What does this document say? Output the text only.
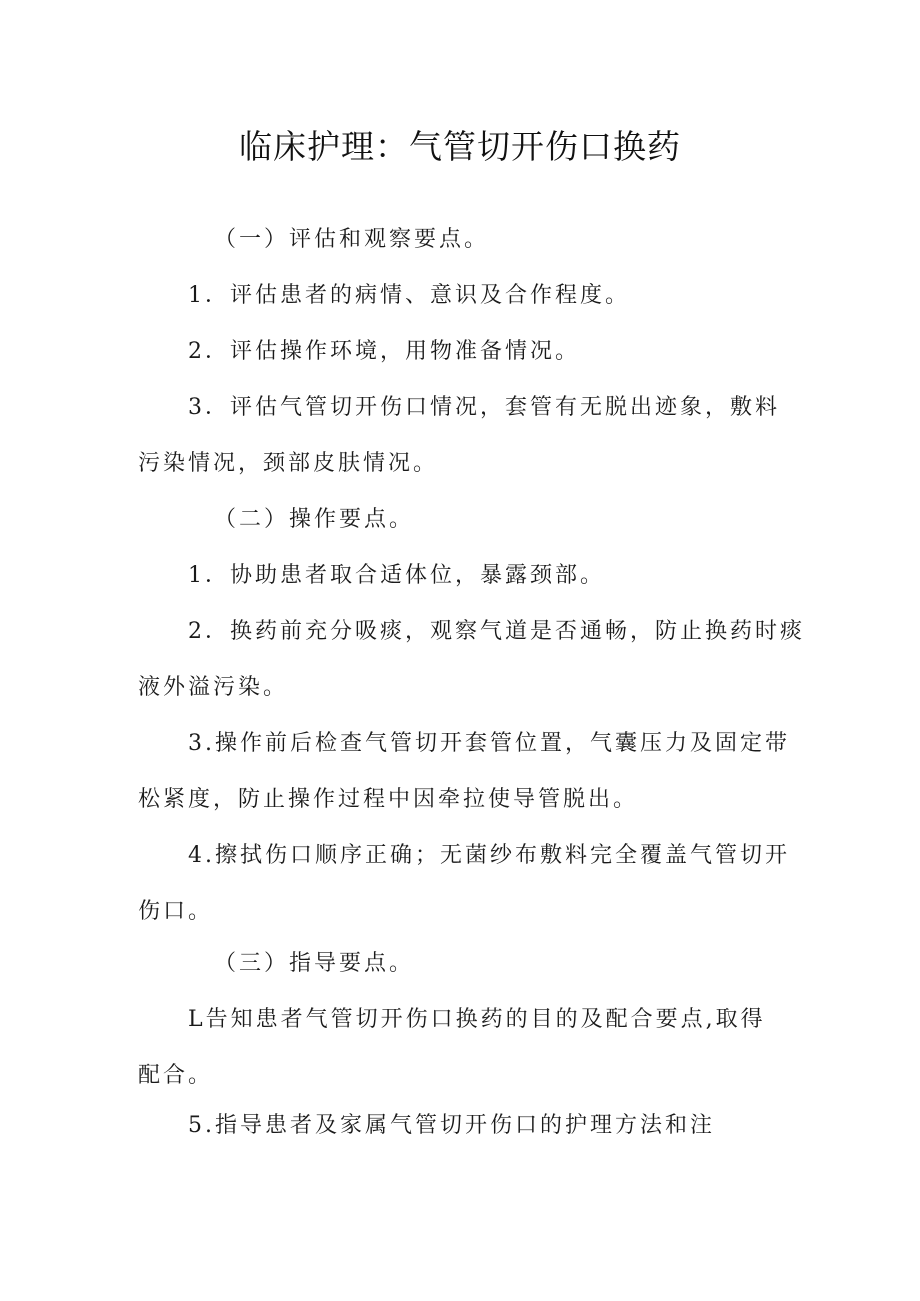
临床护理：气管切开伤口换药
（一）评估和观察要点。
1．评估患者的病情、意识及合作程度。
2．评估操作环境，用物准备情况。
3．评估气管切开伤口情况，套管有无脱出迹象，敷料
污染情况，颈部皮肤情况。
（二）操作要点。
1．协助患者取合适体位，暴露颈部。
2．换药前充分吸痰，观察气道是否通畅，防止换药时痰
液外溢污染。
3.操作前后检查气管切开套管位置，气囊压力及固定带
松紧度，防止操作过程中因牵拉使导管脱出。
4.擦拭伤口顺序正确；无菌纱布敷料完全覆盖气管切开
伤口。
（三）指导要点。
L告知患者气管切开伤口换药的目的及配合要点,取得
配合。
5.指导患者及家属气管切开伤口的护理方法和注
